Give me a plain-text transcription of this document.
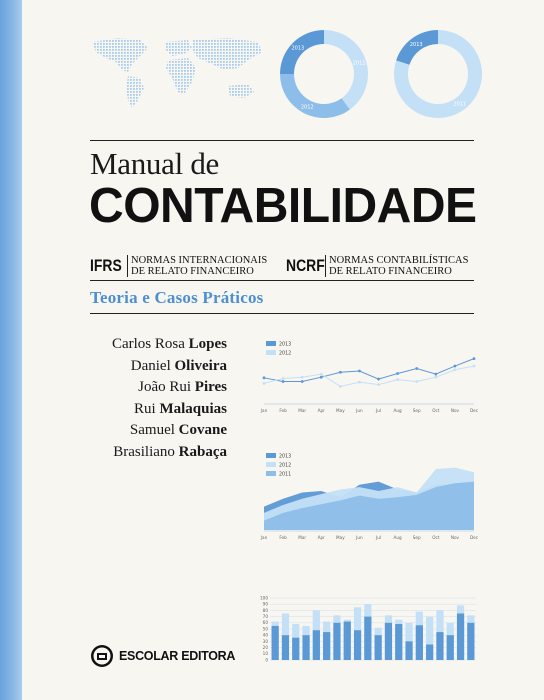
2011
2012
2013
2011
2013
Manual de
CONTABILIDADE
IFRS NORMAS INTERNACIONAIS
DE RELATO FINANCEIRO	NCRF NORMAS CONTABILÍSTICAS
DE RELATO FINANCEIRO
Teoria e Casos Práticos
Carlos Rosa Lopes
Daniel Oliveira
João Rui Pires
Rui Malaquias
Samuel Covane
Brasiliano Rabaça
Jan	Feb	Mar	Apr	May	Jun	Jul	Aug	Sep	Oct	Nov	Dec
2013
2012
Jan	Feb	Mar	Apr	May	Jun	Jul	Aug	Sep	Oct	Nov	Dec
2013
2012
2011
100
90
80
70
60
50
40
30
20
10
0
ESCOLAR EDITORA
